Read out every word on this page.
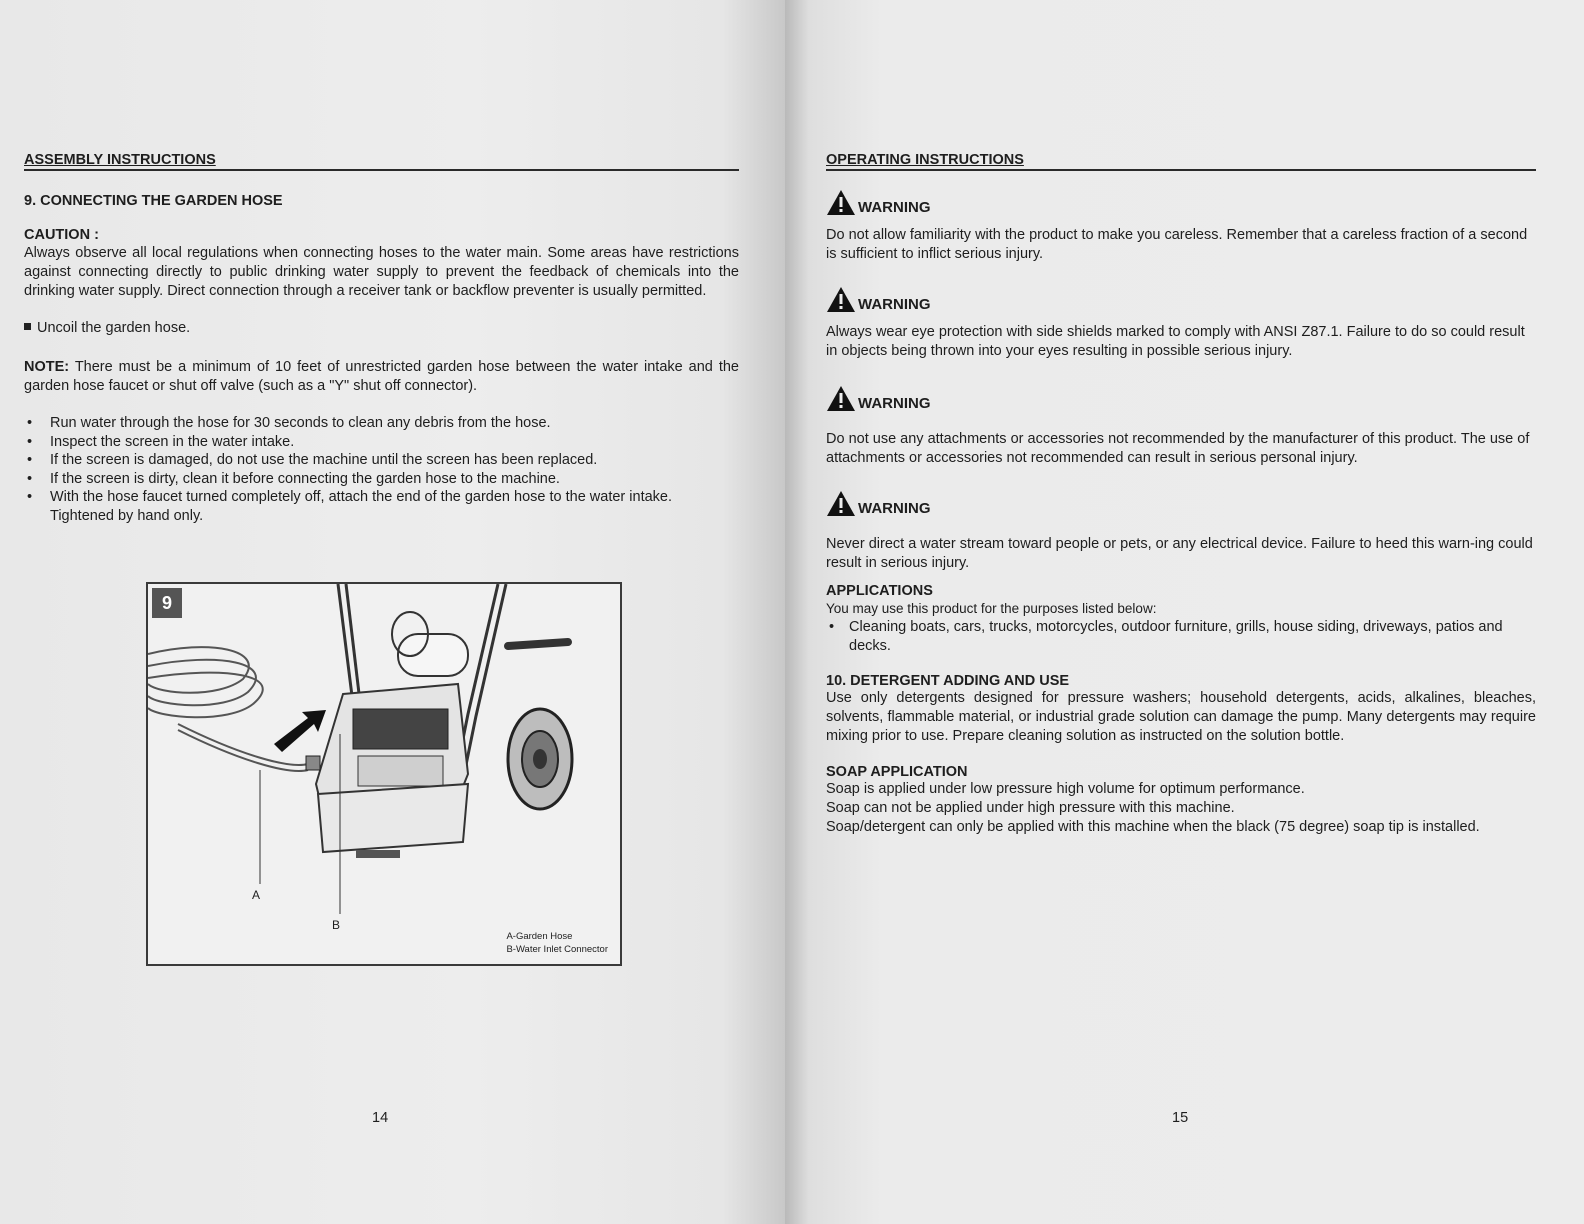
ASSEMBLY INSTRUCTIONS
9. CONNECTING THE GARDEN HOSE
CAUTION :

Always observe all local regulations when connecting hoses to the water main. Some areas have restrictions against connecting directly to public drinking water supply to prevent the feedback of chemicals into the drinking water supply. Direct connection through a receiver tank or backflow preventer is usually permitted.

Uncoil the garden hose.

NOTE: There must be a minimum of 10 feet of unrestricted garden hose between the water intake and the garden hose faucet or shut off valve (such as a "Y" shut off connector).

• Run water through the hose for 30 seconds to clean any debris from the hose.
• Inspect the screen in the water intake.
• If the screen is damaged, do not use the machine until the screen has been replaced.
• If the screen is dirty, clean it before connecting the garden hose to the machine.
• With the hose faucet turned completely off, attach the end of the garden hose to the water intake. Tightened by hand only.
9
A
B
A-Garden Hose
B-Water Inlet Connector
14
OPERATING INSTRUCTIONS
WARNING

Do not allow familiarity with the product to make you careless. Remember that a careless fraction of a second is sufficient to inflict serious injury.

WARNING

Always wear eye protection with side shields marked to comply with ANSI Z87.1. Failure to do so could result in objects being thrown into your eyes resulting in possible serious injury.

WARNING

Do not use any attachments or accessories not recommended by the manufacturer of this product. The use of attachments or accessories not recommended can result in serious personal injury.

WARNING

Never direct a water stream toward people or pets, or any electrical device. Failure to heed this warn-ing could result in serious injury.

APPLICATIONS

You may use this product for the purposes listed below:

• Cleaning boats, cars, trucks, motorcycles, outdoor furniture, grills, house siding, driveways, patios and decks.
10. DETERGENT ADDING AND USE

Use only detergents designed for pressure washers; household detergents, acids, alkalines, bleaches, solvents, flammable material, or industrial grade solution can damage the pump. Many detergents may require mixing prior to use. Prepare cleaning solution as instructed on the solution bottle.

SOAP APPLICATION

Soap is applied under low pressure high volume for optimum performance.

Soap can not be applied under high pressure with this machine.

Soap/detergent can only be applied with this machine when the black (75 degree) soap tip is installed.

15
